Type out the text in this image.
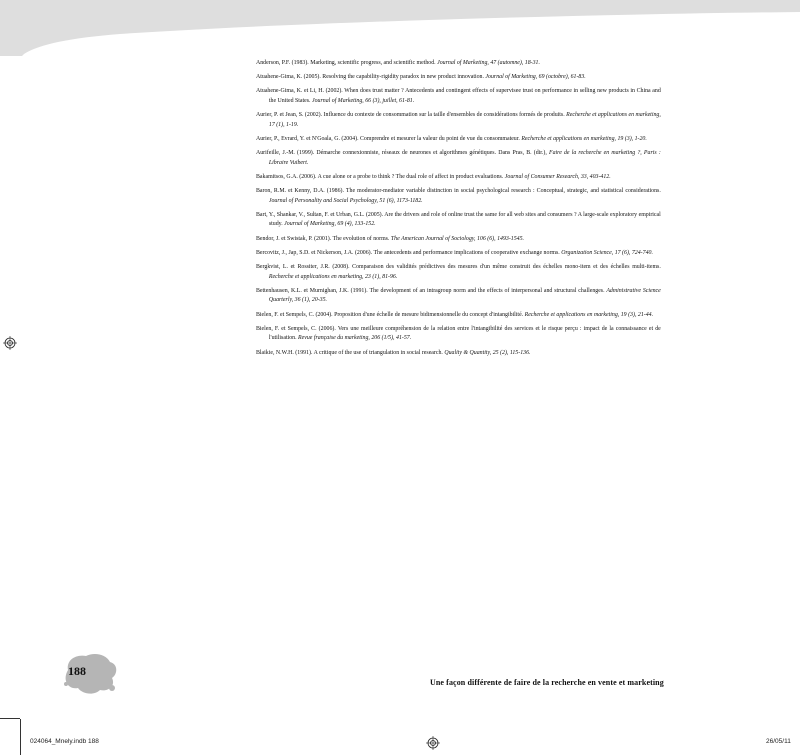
Anderson, P.F. (1983). Marketing, scientific progress, and scientific method. Journal of Marketing, 47 (automne), 18-31.

Atuahene-Gima, K. (2005). Resolving the capability-rigidity paradox in new product innovation. Journal of Marketing, 69 (octobre), 61-83.

Atuahene-Gima, K. et Li, H. (2002). When does trust matter ? Antecedents and contingent effects of supervisee trust on performance in selling new products in China and the United States. Journal of Marketing, 66 (3), juillet, 61-81.

Aurier, P. et Jean, S. (2002). Influence du contexte de consommation sur la taille d'ensembles de considérations formés de produits. Recherche et applications en marketing, 17 (1), 1-19.

Aurier, P., Evrard, Y. et N'Goala, G. (2004). Comprendre et mesurer la valeur du point de vue du consommateur. Recherche et applications en marketing, 19 (3), 1-20.

Aurifeille, J.-M. (1999). Démarche connexionniste, réseaux de neurones et algorithmes génétiques. Dans Pras, B. (dir.), Faire de la recherche en marketing ?, Paris : Libraire Vuibert.

Bakamitsos, G.A. (2006). A cue alone or a probe to think ? The dual role of affect in product evaluations. Journal of Consumer Research, 33, 403-412.

Baron, R.M. et Kenny, D.A. (1986). The moderator-mediator variable distinction in social psychological research : Conceptual, strategic, and statistical considerations. Journal of Personality and Social Psychology, 51 (6), 1173-1182.

Bart, Y., Shankar, V., Sultan, F. et Urban, G.L. (2005). Are the drivers and role of online trust the same for all web sites and consumers ? A large-scale exploratory empirical study. Journal of Marketing, 69 (4), 133-152.

Bendor, J. et Swistak, P. (2001). The evolution of norms. The American Journal of Sociology, 106 (6), 1493-1545.

Bercovitz, J., Jap, S.D. et Nickerson, J.A. (2006). The antecedents and performance implications of cooperative exchange norms. Organization Science, 17 (6), 724-740.

Bergkvist, L. et Rossiter, J.R. (2008). Comparaison des validités prédictives des mesures d'un même construit des échelles mono-item et des échelles multi-items. Recherche et applications en marketing, 23 (1), 81-96.

Bettenhausen, K.L. et Murnighan, J.K. (1991). The development of an intragroup norm and the effects of interpersonal and structural challenges. Administrative Science Quarterly, 36 (1), 20-35.

Bielen, F. et Sempels, C. (2004). Proposition d'une échelle de mesure bidimensionnelle du concept d'intangibilité. Recherche et applications en marketing, 19 (3), 21-44.

Bielen, F. et Sempels, C. (2006). Vers une meilleure compréhension de la relation entre l'intangibilité des services et le risque perçu : impact de la connaissance et de l'utilisation. Revue française du marketing, 206 (1/5), 41-57.

Blaikie, N.W.H. (1991). A critique of the use of triangulation in social research. Quality & Quantity, 25 (2), 115-136.

188
Une façon différente de faire de la recherche en vente et marketing
024064_Mnely.indb 188	26/05/11
